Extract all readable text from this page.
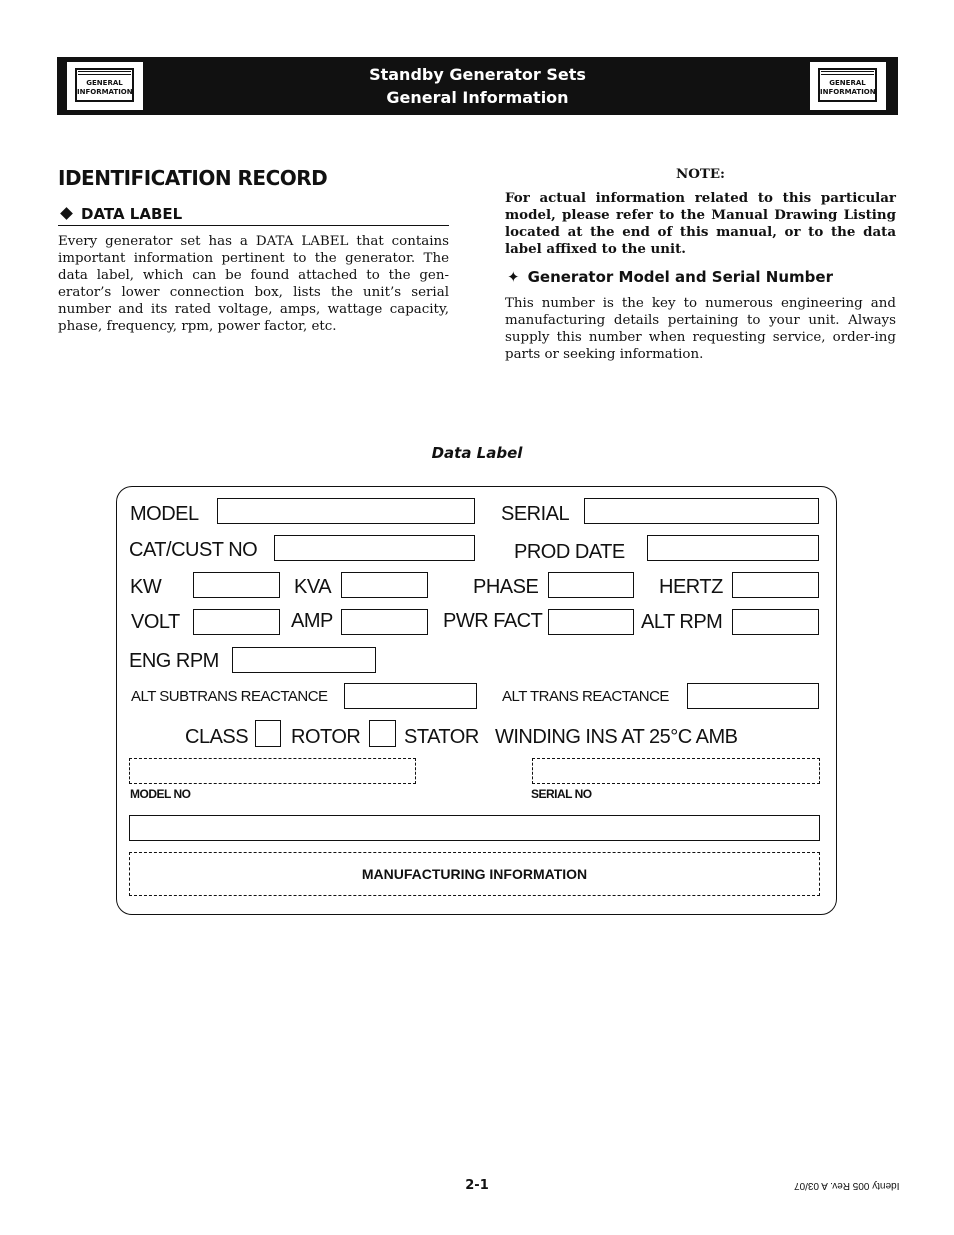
GENERAL
INFORMATION
Standby Generator Sets
General Information
GENERAL
INFORMATION
IDENTIFICATION RECORD
DATA LABEL
Every generator set has a DATA LABEL that contains important information pertinent to the generator. The data label, which can be found attached to the gen-erator’s lower connection box, lists the unit’s serial number and its rated voltage, amps, wattage capacity, phase, frequency, rpm, power factor, etc.
NOTE:
For actual information related to this particular model, please refer to the Manual Drawing Listing located at the end of this manual, or to the data label affixed to the unit.
✦ Generator Model and Serial Number
This number is the key to numerous engineering and manufacturing details pertaining to your unit. Always supply this number when requesting service, order-ing parts or seeking information.
Data Label
MODEL	SERIAL
CAT/CUST NO	PROD DATE
KW	KVA	PHASE	HERTZ
VOLT	AMP	PWR FACT	ALT RPM
ENG RPM
ALT SUBTRANS REACTANCE	ALT TRANS REACTANCE
CLASS ROTOR STATOR WINDING INS AT 25°C AMB
MODEL NO	SERIAL NO
MANUFACTURING INFORMATION
2-1	Identy 005 Rev. A 03/07
